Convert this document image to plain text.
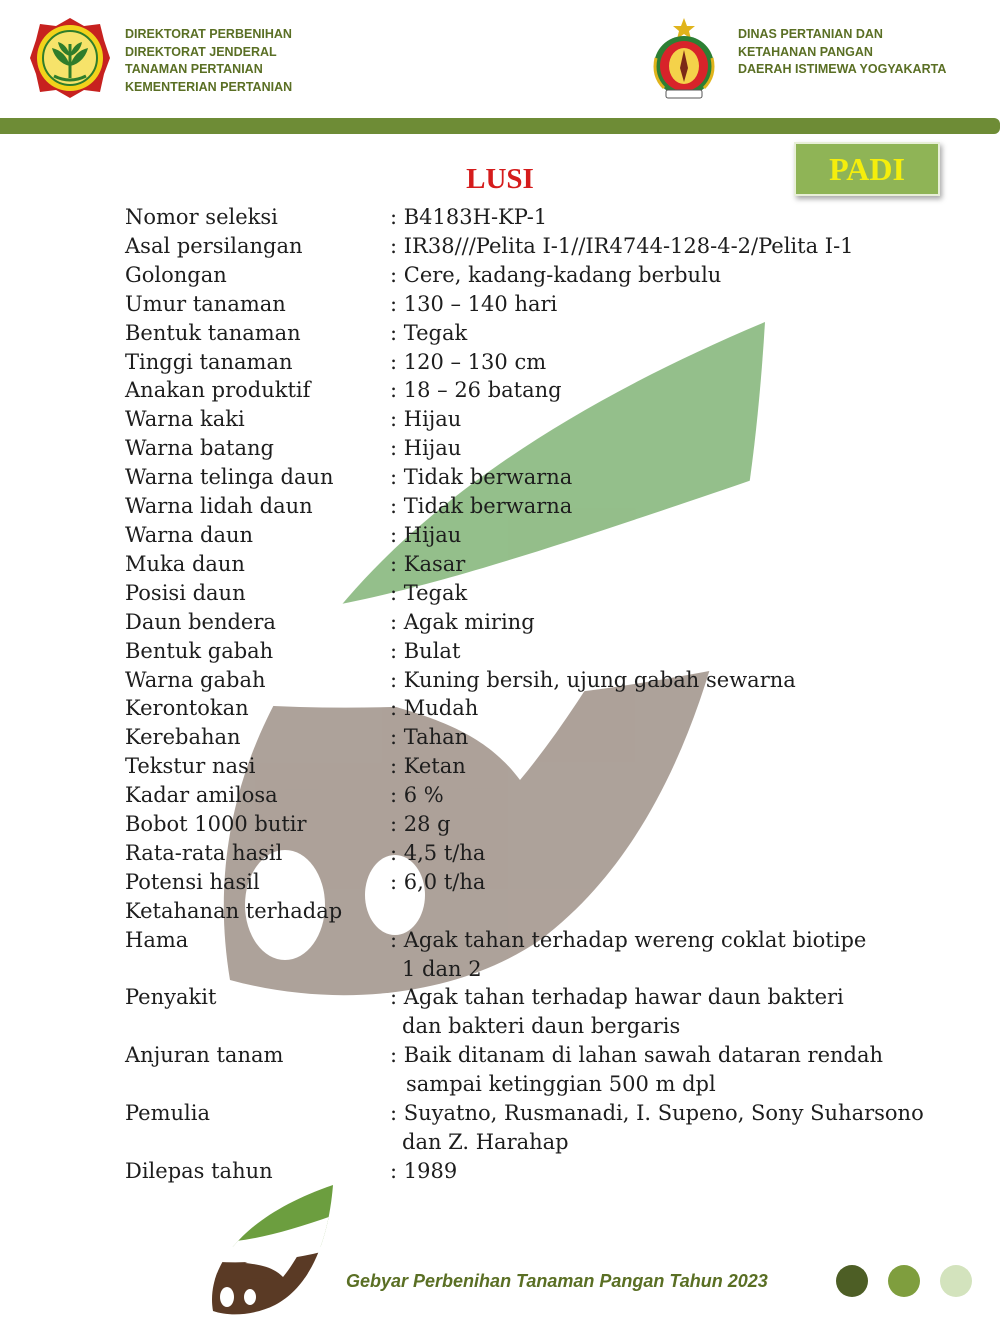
DIREKTORAT PERBENIHAN
DIREKTORAT JENDERAL
TANAMAN PERTANIAN
KEMENTERIAN PERTANIAN
DINAS PERTANIAN DAN
KETAHANAN PANGAN
DAERAH ISTIMEWA YOGYAKARTA
PADI
LUSI
Nomor seleksi	: B4183H-KP-1
Asal persilangan	: IR38///Pelita I-1//IR4744-128-4-2/Pelita I-1
Golongan	: Cere, kadang-kadang berbulu
Umur tanaman	: 130 – 140 hari
Bentuk tanaman	: Tegak
Tinggi tanaman	: 120 – 130 cm
Anakan produktif	: 18 – 26 batang
Warna kaki	: Hijau
Warna batang	: Hijau
Warna telinga daun	: Tidak berwarna
Warna lidah daun	: Tidak berwarna
Warna daun	: Hijau
Muka daun	: Kasar
Posisi daun	: Tegak
Daun bendera	: Agak miring
Bentuk gabah	: Bulat
Warna gabah	: Kuning bersih, ujung gabah sewarna
Kerontokan	: Mudah
Kerebahan	: Tahan
Tekstur nasi	: Ketan
Kadar amilosa	: 6 %
Bobot 1000 butir	: 28 g
Rata-rata hasil	: 4,5 t/ha
Potensi hasil	: 6,0 t/ha
Ketahanan terhadap
Hama	: Agak tahan terhadap wereng coklat biotipe
1 dan 2
Penyakit	: Agak tahan terhadap hawar daun bakteri
dan bakteri daun bergaris
Anjuran tanam	: Baik ditanam di lahan sawah dataran rendah
sampai ketinggian 500 m dpl
Pemulia	: Suyatno, Rusmanadi, I. Supeno, Sony Suharsono
dan Z. Harahap
Dilepas tahun	: 1989
Gebyar Perbenihan Tanaman Pangan Tahun 2023
